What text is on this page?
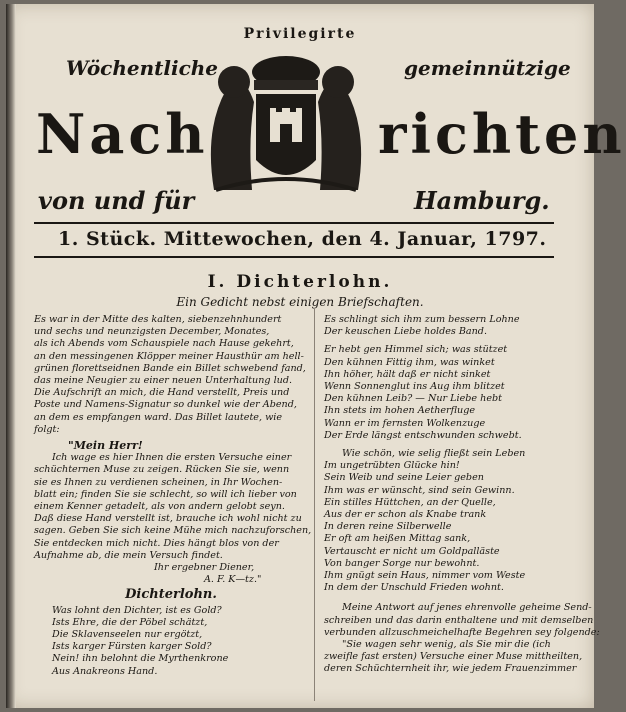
Privilegirte
Wöchentliche	gemeinnützige
Nach	richten
von und für	Hamburg.
1. Stück. Mittewochen, den 4. Januar, 1797.
I. Dichterlohn.
Ein Gedicht nebst einigen Briefschaften.
Es war in der Mitte des kalten, siebenzehnhundert
und sechs und neunzigsten December, Monates,
als ich Abends vom Schauspiele nach Hause gekehrt,
an den messingenen Klöpper meiner Hausthür am hell-
grünen florettseidnen Bande ein Billet schwebend fand,
das meine Neugier zu einer neuen Unterhaltung lud.
Die Aufschrift an mich, die Hand verstellt, Preis und
Poste und Namens-Signatur so dunkel wie der Abend,
an dem es empfangen ward. Das Billet lautete, wie
folgt:
"Mein Herr!
Ich wage es hier Ihnen die ersten Versuche einer
schüchternen Muse zu zeigen. Rücken Sie sie, wenn
sie es Ihnen zu verdienen scheinen, in Ihr Wochen-
blatt ein; finden Sie sie schlecht, so will ich lieber von
einem Kenner getadelt, als von andern gelobt seyn.
Daß diese Hand verstellt ist, brauche ich wohl nicht zu
sagen. Geben Sie sich keine Mühe mich nachzuforschen,
Sie entdecken mich nicht. Dies hängt blos von der
Aufnahme ab, die mein Versuch findet.
Ihr ergebner Diener,
A. F. K—tz."
Dichterlohn.
Was lohnt den Dichter, ist es Gold?
Ists Ehre, die der Pöbel schätzt,
Die Sklavenseelen nur ergötzt,
Ists karger Fürsten karger Sold?
Nein! ihn belohnt die Myrthenkrone
Aus Anakreons Hand.
Es schlingt sich ihm zum bessern Lohne
Der keuschen Liebe holdes Band.
Er hebt gen Himmel sich; was stützet
Den kühnen Fittig ihm, was winket
Ihn höher, hält daß er nicht sinket
Wenn Sonnenglut ins Aug ihm blitzet
Den kühnen Leib? — Nur Liebe hebt
Ihn stets im hohen Aetherfluge
Wann er im fernsten Wolkenzuge
Der Erde längst entschwunden schwebt.
Wie schön, wie selig fließt sein Leben
Im ungetrübten Glücke hin!
Sein Weib und seine Leier geben
Ihm was er wünscht, sind sein Gewinn.
Ein stilles Hüttchen, an der Quelle,
Aus der er schon als Knabe trank
In deren reine Silberwelle
Er oft am heißen Mittag sank,
Vertauscht er nicht um Goldpalläste
Von banger Sorge nur bewohnt.
Ihm gnügt sein Haus, nimmer vom Weste
In dem der Unschuld Frieden wohnt.
Meine Antwort auf jenes ehrenvolle geheime Send-
schreiben und das darin enthaltene und mit demselben
verbunden allzuschmeichelhafte Begehren sey folgende:
"Sie wagen sehr wenig, als Sie mir die (ich
zweifle fast ersten) Versuche einer Muse mittheilten,
deren Schüchternheit ihr, wie jedem Frauenzimmer
